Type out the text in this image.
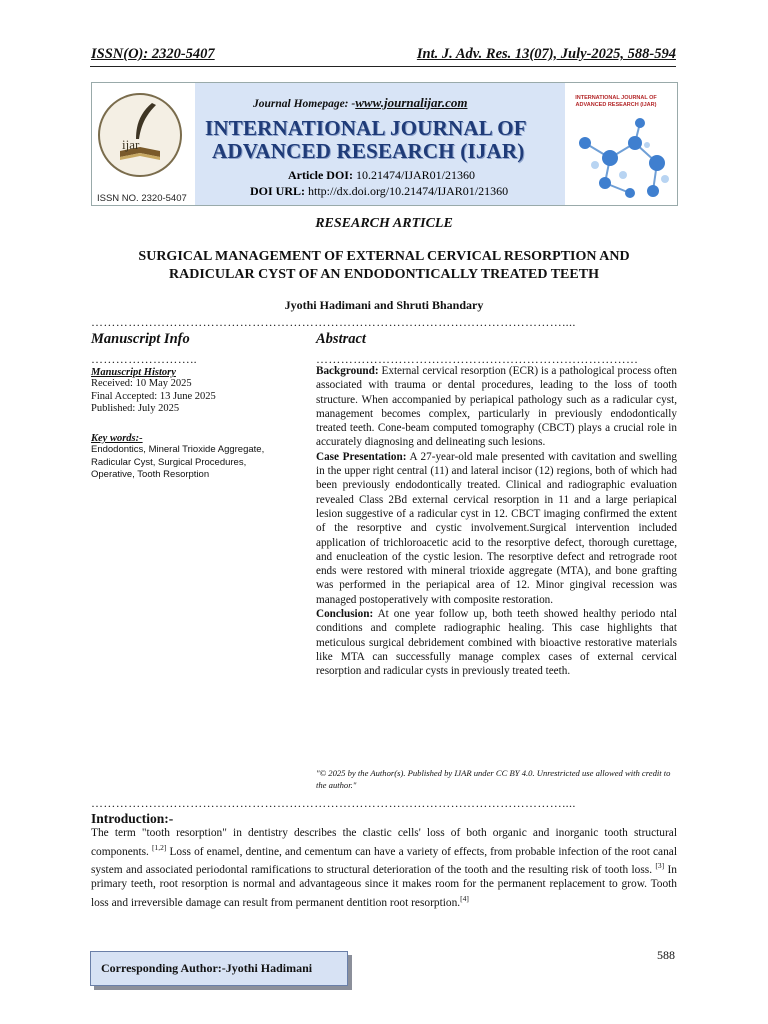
ISSN(O): 2320-5407	Int. J. Adv. Res. 13(07), July-2025, 588-594
ijar
ISSN NO. 2320-5407
Journal Homepage: -www.journalijar.com
INTERNATIONAL JOURNAL OF
ADVANCED RESEARCH (IJAR)
Article DOI: 10.21474/IJAR01/21360
DOI URL: http://dx.doi.org/10.21474/IJAR01/21360
INTERNATIONAL JOURNAL OF ADVANCED RESEARCH (IJAR)
RESEARCH ARTICLE
SURGICAL MANAGEMENT OF EXTERNAL CERVICAL RESORPTION AND
RADICULAR CYST OF AN ENDODONTICALLY TREATED TEETH
Jyothi Hadimani and Shruti Bhandary
……………………………………………………………………………………………………....
Manuscript Info
……………………..
Manuscript History
Received: 10 May 2025
Final Accepted: 13 June 2025
Published: July 2025
Key words:-
Endodontics, Mineral Trioxide Aggregate, Radicular Cyst, Surgical Procedures, Operative, Tooth Resorption
Abstract
……………………………………………………………………

Background: External cervical resorption (ECR) is a pathological process often associated with trauma or dental procedures, leading to the loss of tooth structure. When accompanied by periapical pathology such as a radicular cyst, management becomes complex, particularly in previously endodontically treated teeth. Cone-beam computed tomography (CBCT) plays a crucial role in accurately diagnosing and delineating such lesions.

Case Presentation: A 27-year-old male presented with cavitation and swelling in the upper right central (11) and lateral incisor (12) regions, both of which had been previously endodontically treated. Clinical and radiographic evaluation revealed Class 2Bd external cervical resorption in 11 and a large periapical lesion suggestive of a radicular cyst in 12. CBCT imaging confirmed the extent of the resorptive and cystic involvement.Surgical intervention included application of trichloroacetic acid to the resorptive defect, thorough curettage, and enucleation of the cystic lesion. The resorptive defect and retrograde root ends were restored with mineral trioxide aggregate (MTA), and bone grafting was performed in the periapical area of 12. Minor gingival recession was managed postoperatively with composite restoration.

Conclusion: At one year follow up, both teeth showed healthy periodo ntal conditions and complete radiographic healing. This case highlights that meticulous surgical debridement combined with bioactive restorative materials like MTA can successfully manage complex cases of external cervical resorption and radicular cysts in previously treated teeth.

"© 2025 by the Author(s). Published by IJAR under CC BY 4.0. Unrestricted use allowed with credit to the author."
……………………………………………………………………………………………………....
Introduction:-
The term "tooth resorption" in dentistry describes the clastic cells' loss of both organic and inorganic tooth structural components. [1,2] Loss of enamel, dentine, and cementum can have a variety of effects, from probable infection of the root canal system and associated periodontal ramifications to structural deterioration of the tooth and the resulting risk of tooth loss. [3] In primary teeth, root resorption is normal and advantageous since it makes room for the permanent replacement to grow. Tooth loss and irreversible damage can result from permanent dentition root resorption.[4]
588
Corresponding Author:-Jyothi Hadimani
